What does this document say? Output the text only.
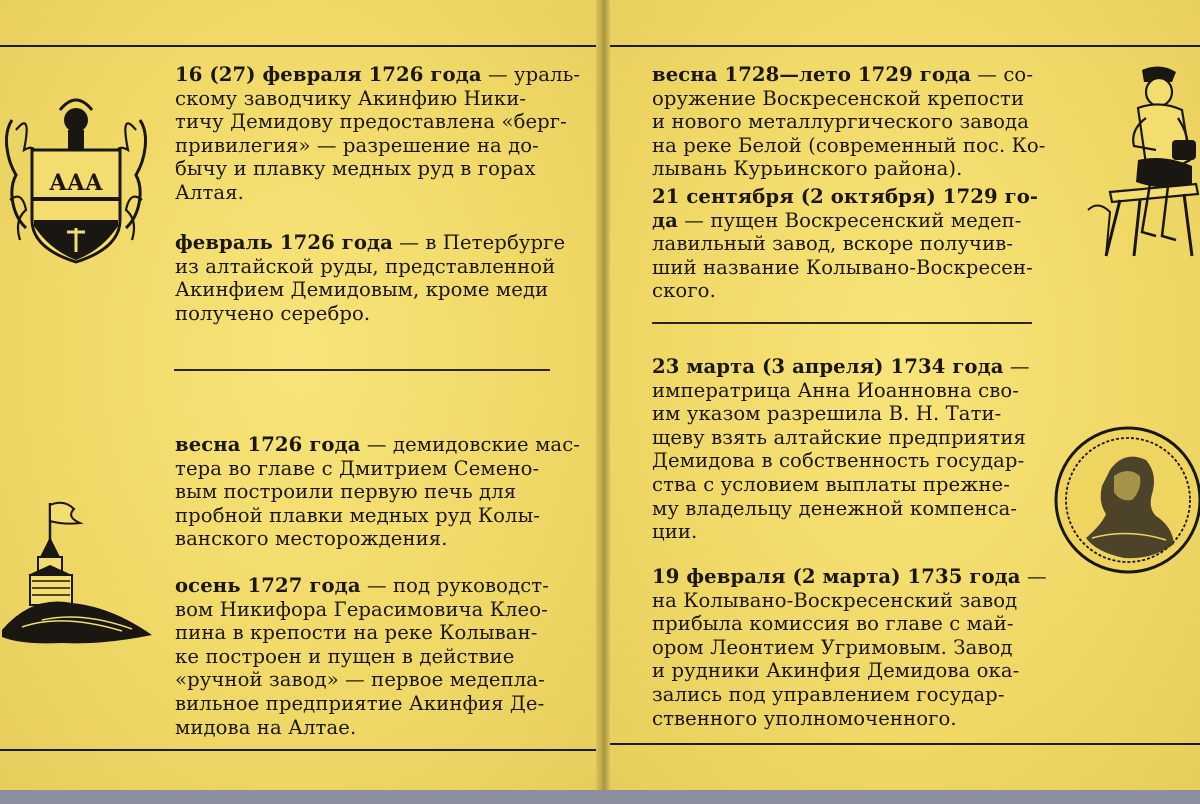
ААА
16 (27) февраля 1726 года — ураль-
скому заводчику Акинфию Ники-
тичу Демидову предоставлена «берг-
привилегия» — разрешение на до-
бычу и плавку медных руд в горах
Алтая.
февраль 1726 года — в Петербурге
из алтайской руды, представленной
Акинфием Демидовым, кроме меди
получено серебро.
весна 1726 года — демидовские мас-
тера во главе с Дмитрием Семено-
вым построили первую печь для
пробной плавки медных руд Колы-
ванского месторождения.
осень 1727 года — под руководст-
вом Никифора Герасимовича Клео-
пина в крепости на реке Колыван-
ке построен и пущен в действие
«ручной завод» — первое медепла-
вильное предприятие Акинфия Де-
мидова на Алтае.
весна 1728—лето 1729 года — со-
оружение Воскресенской крепости
и нового металлургического завода
на реке Белой (современный пос. Ко-
лывань Курьинского района).
21 сентября (2 октября) 1729 го-
да — пущен Воскресенский медеп-
лавильный завод, вскоре получив-
ший название Колывано-Воскресен-
ского.
23 марта (3 апреля) 1734 года —
императрица Анна Иоанновна сво-
им указом разрешила В. Н. Тати-
щеву взять алтайские предприятия
Демидова в собственность государ-
ства с условием выплаты прежне-
му владельцу денежной компенса-
ции.
19 февраля (2 марта) 1735 года —
на Колывано-Воскресенский завод
прибыла комиссия во главе с май-
ором Леонтием Угримовым. Завод
и рудники Акинфия Демидова ока-
зались под управлением государ-
ственного уполномоченного.
